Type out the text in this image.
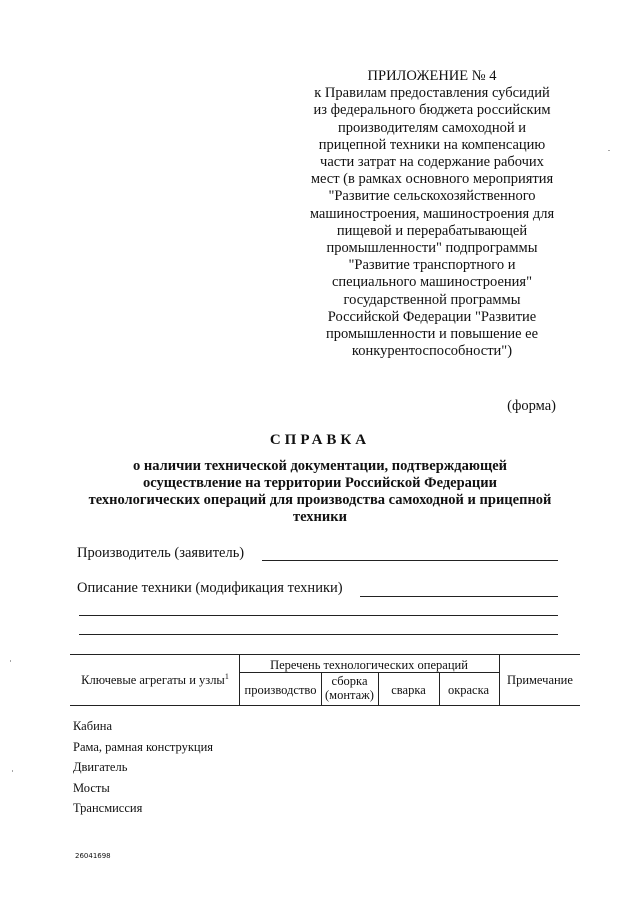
ПРИЛОЖЕНИЕ № 4
к Правилам предоставления субсидий
из федерального бюджета российским
производителям самоходной и
прицепной техники на компенсацию
части затрат на содержание рабочих
мест (в рамках основного мероприятия
"Развитие сельскохозяйственного
машиностроения, машиностроения для
пищевой и перерабатывающей
промышленности" подпрограммы
"Развитие транспортного и
специального машиностроения"
государственной программы
Российской Федерации "Развитие
промышленности и повышение ее
конкурентоспособности")
(форма)
СПРАВКА
о наличии технической документации, подтверждающей
осуществление на территории Российской Федерации
технологических операций для производства самоходной и прицепной
техники
Производитель (заявитель)
Описание техники (модификация техники)
Ключевые агрегаты и узлы$^1$
Перечень технологических операций
производство
сборка
(монтаж)	сварка	окраска
Примечание
Кабина
Рама, рамная конструкция
Двигатель
Мосты
Трансмиссия
26041698
